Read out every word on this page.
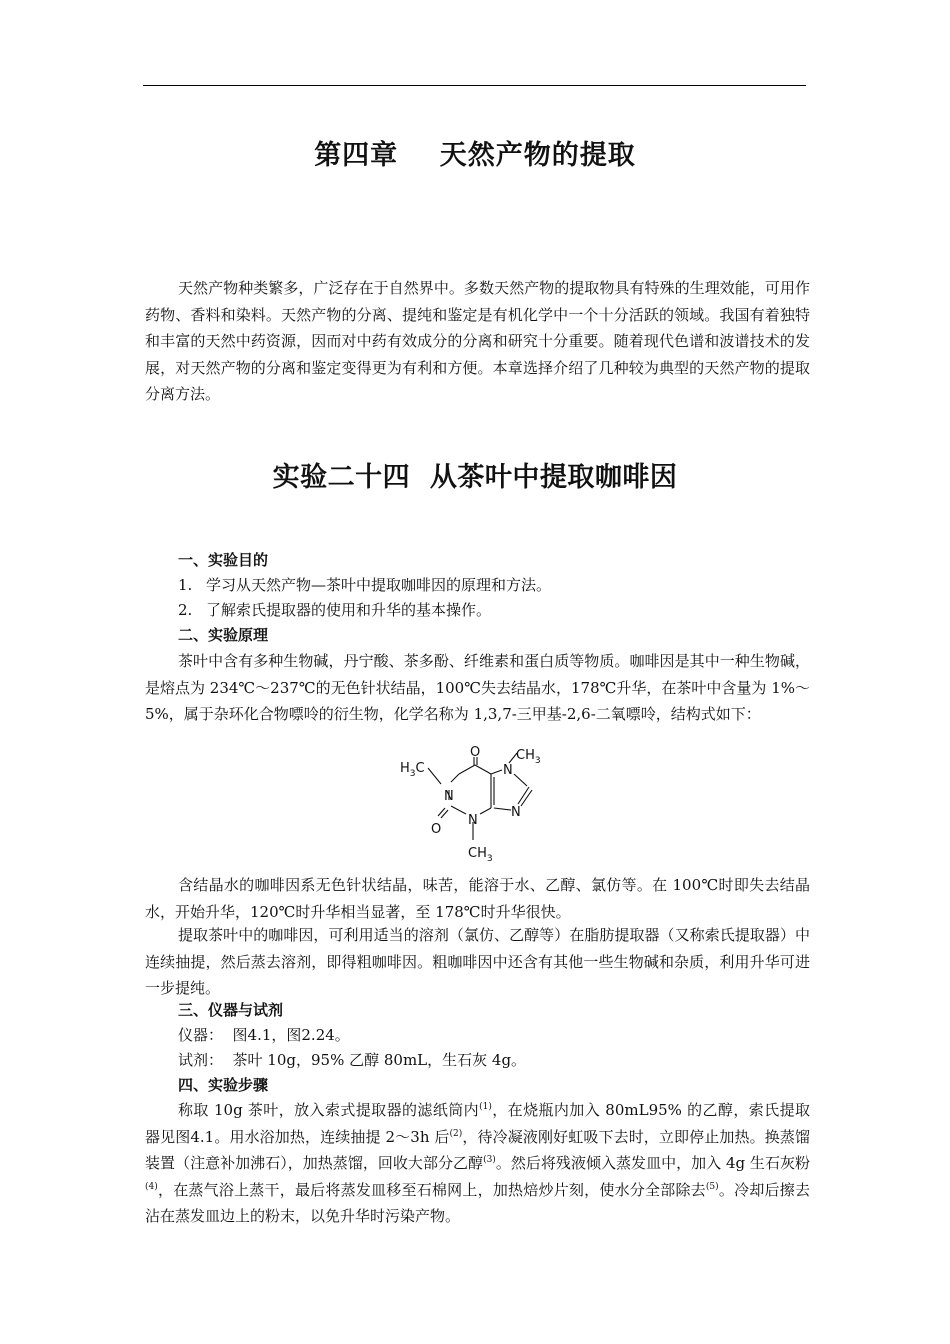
第四章    天然产物的提取

天然产物种类繁多，广泛存在于自然界中。多数天然产物的提取物具有特殊的生理效能，可用作药物、香料和染料。天然产物的分离、提纯和鉴定是有机化学中一个十分活跃的领域。我国有着独特和丰富的天然中药资源，因而对中药有效成分的分离和研究十分重要。随着现代色谱和波谱技术的发展，对天然产物的分离和鉴定变得更为有利和方便。本章选择介绍了几种较为典型的天然产物的提取分离方法。

实验二十四  从茶叶中提取咖啡因
一、实验目的
1. 学习从天然产物—茶叶中提取咖啡因的原理和方法。
2. 了解索氏提取器的使用和升华的基本操作。
二、实验原理

茶叶中含有多种生物碱，丹宁酸、茶多酚、纤维素和蛋白质等物质。咖啡因是其中一种生物碱，是熔点为 234℃～237℃的无色针状结晶，100℃失去结晶水，178℃升华，在茶叶中含量为 1%～5%，属于杂环化合物嘌呤的衍生物，化学名称为 1,3,7-三甲基-2,6-二氧嘌呤，结构式如下：

$H_3C$
$CH_3$
$CH_3$
O
O
N
N
N
N

含结晶水的咖啡因系无色针状结晶，味苦，能溶于水、乙醇、氯仿等。在 100℃时即失去结晶水，开始升华，120℃时升华相当显著，至 178℃时升华很快。

提取茶叶中的咖啡因，可利用适当的溶剂（氯仿、乙醇等）在脂肪提取器（又称索氏提取器）中连续抽提，然后蒸去溶剂，即得粗咖啡因。粗咖啡因中还含有其他一些生物碱和杂质，利用升华可进一步提纯。

三、仪器与试剂
仪器：  图4.1，图2.24。
试剂：  茶叶 10g，95% 乙醇 80mL，生石灰 4g。
四、实验步骤

称取 10g 茶叶，放入索式提取器的滤纸筒内$^{(1)}$，在烧瓶内加入 80mL95% 的乙醇，索氏提取器见图4.1。用水浴加热，连续抽提 2～3h 后$^{(2)}$，待冷凝液刚好虹吸下去时，立即停止加热。换蒸馏装置（注意补加沸石），加热蒸馏，回收大部分乙醇$^{(3)}$。然后将残液倾入蒸发皿中，加入 4g 生石灰粉$^{(4)}$，在蒸气浴上蒸干，最后将蒸发皿移至石棉网上，加热焙炒片刻，使水分全部除去$^{(5)}$。冷却后擦去沾在蒸发皿边上的粉末，以免升华时污染产物。
